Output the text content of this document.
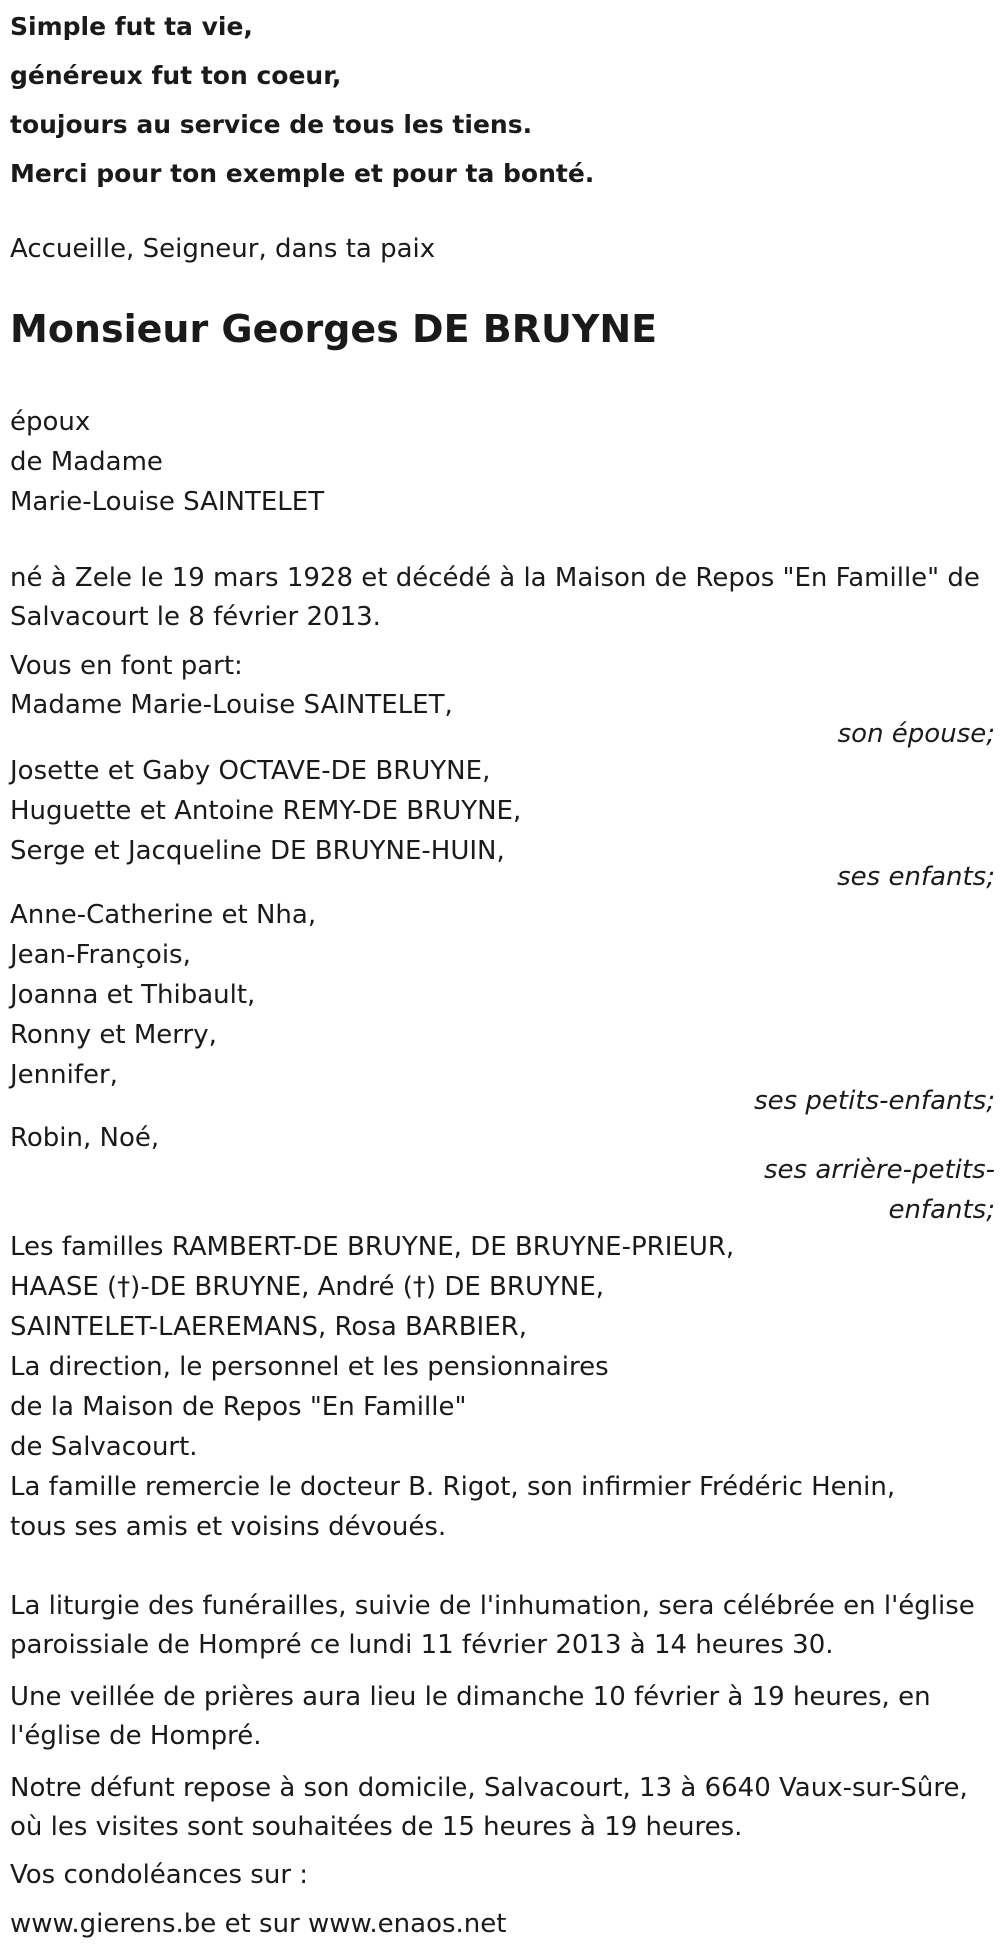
Simple fut ta vie,
généreux fut ton coeur,
toujours au service de tous les tiens.
Merci pour ton exemple et pour ta bonté.
Accueille, Seigneur, dans ta paix
Monsieur Georges DE BRUYNE
époux
de Madame
Marie-Louise SAINTELET
né à Zele le 19 mars 1928 et décédé à la Maison de Repos "En Famille" de Salvacourt le 8 février 2013.
Vous en font part:
Madame Marie-Louise SAINTELET,
son épouse;
Josette et Gaby OCTAVE-DE BRUYNE,
Huguette et Antoine REMY-DE BRUYNE,
Serge et Jacqueline DE BRUYNE-HUIN,
ses enfants;
Anne-Catherine et Nha,
Jean-François,
Joanna et Thibault,
Ronny et Merry,
Jennifer,
ses petits-enfants;
Robin, Noé,
ses arrière-petits-
enfants;
Les familles RAMBERT-DE BRUYNE, DE BRUYNE-PRIEUR,
HAASE (†)-DE BRUYNE, André (†) DE BRUYNE,
SAINTELET-LAEREMANS, Rosa BARBIER,
La direction, le personnel et les pensionnaires
de la Maison de Repos "En Famille"
de Salvacourt.
La famille remercie le docteur B. Rigot, son infirmier Frédéric Henin,
tous ses amis et voisins dévoués.
La liturgie des funérailles, suivie de l'inhumation, sera célébrée en l'église paroissiale de Hompré ce lundi 11 février 2013 à 14 heures 30.
Une veillée de prières aura lieu le dimanche 10 février à 19 heures, en l'église de Hompré.
Notre défunt repose à son domicile, Salvacourt, 13 à 6640 Vaux-sur-Sûre, où les visites sont souhaitées de 15 heures à 19 heures.
Vos condoléances sur :
www.gierens.be et sur www.enaos.net
